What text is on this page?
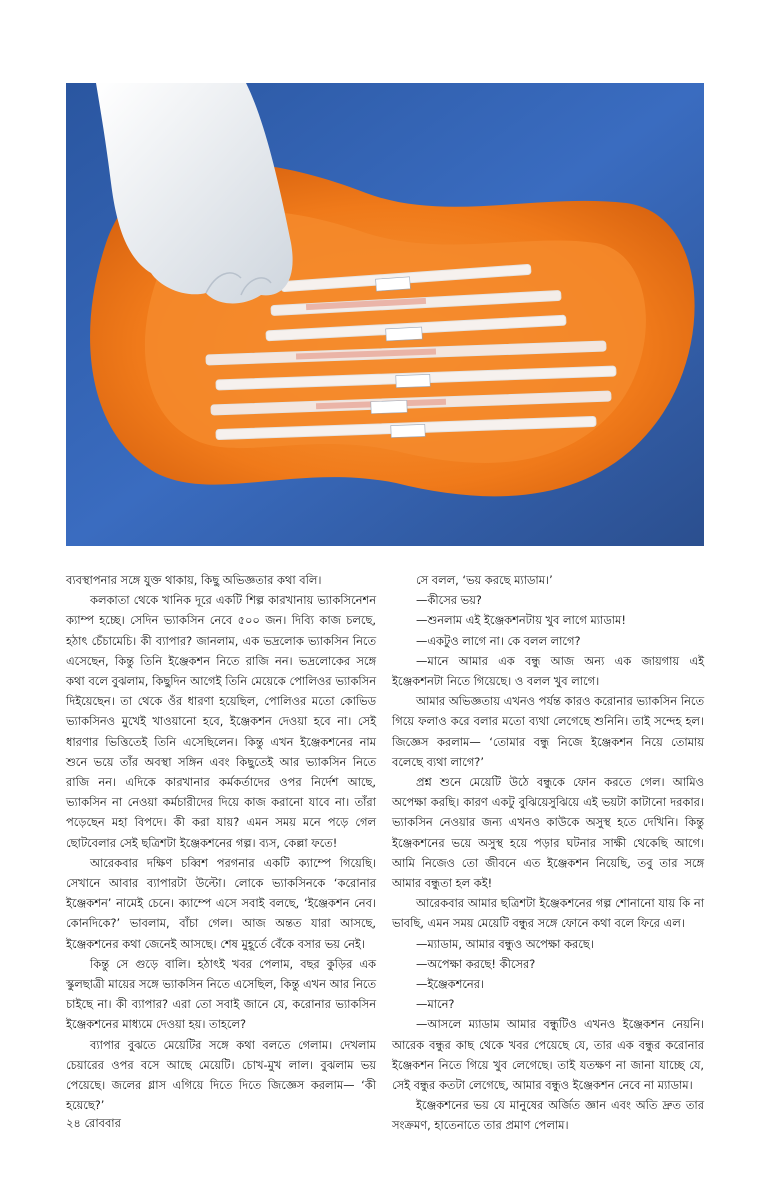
ব্যবস্থাপনার সঙ্গে যুক্ত থাকায়, কিছু অভিজ্ঞতার কথা বলি।

কলকাতা থেকে খানিক দূরে একটি শিল্প কারখানায় ভ্যাকসিনেশন ক্যাম্প হচ্ছে। সেদিন ভ্যাকসিন নেবে ৫০০ জন। দিব্যি কাজ চলছে, হঠাৎ চেঁচামেচি। কী ব্যাপার? জানলাম, এক ভদ্রলোক ভ্যাকসিন নিতে এসেছেন, কিন্তু তিনি ইঞ্জেকশন নিতে রাজি নন। ভদ্রলোকের সঙ্গে কথা বলে বুঝলাম, কিছুদিন আগেই তিনি মেয়েকে পোলিওর ভ্যাকসিন দিইয়েছেন। তা থেকে ওঁর ধারণা হয়েছিল, পোলিওর মতো কোভিড ভ্যাকসিনও মুখেই খাওয়ানো হবে, ইঞ্জেকশন দেওয়া হবে না। সেই ধারণার ভিত্তিতেই তিনি এসেছিলেন। কিন্তু এখন ইঞ্জেকশনের নাম শুনে ভয়ে তাঁর অবস্থা সঙ্গিন এবং কিছুতেই আর ভ্যাকসিন নিতে রাজি নন। এদিকে কারখানার কর্মকর্তাদের ওপর নির্দেশ আছে, ভ্যাকসিন না নেওয়া কর্মচারীদের দিয়ে কাজ করানো যাবে না। তাঁরা পড়েছেন মহা বিপদে। কী করা যায়? এমন সময় মনে পড়ে গেল ছোটবেলার সেই ছত্রিশটা ইঞ্জেকশনের গল্প। ব্যস, কেল্লা ফতে!

আরেকবার দক্ষিণ চব্বিশ পরগনার একটি ক্যাম্পে গিয়েছি। সেখানে আবার ব্যাপারটা উল্টো। লোকে ভ্যাকসিনকে ‘করোনার ইঞ্জেকশন’ নামেই চেনে। ক্যাম্পে এসে সবাই বলছে, ‘ইঞ্জেকশন নেব। কোনদিকে?’ ভাবলাম, বাঁচা গেল। আজ অন্তত যারা আসছে, ইঞ্জেকশনের কথা জেনেই আসছে। শেষ মুহূর্তে বেঁকে বসার ভয় নেই।

কিন্তু সে গুড়ে বালি। হঠাৎই খবর পেলাম, বছর কুড়ির এক স্কুলছাত্রী মায়ের সঙ্গে ভ্যাকসিন নিতে এসেছিল, কিন্তু এখন আর নিতে চাইছে না। কী ব্যাপার? এরা তো সবাই জানে যে, করোনার ভ্যাকসিন ইঞ্জেকশনের মাধ্যমে দেওয়া হয়। তাহলে?

ব্যাপার বুঝতে মেয়েটির সঙ্গে কথা বলতে গেলাম। দেখলাম চেয়ারের ওপর বসে আছে মেয়েটি। চোখ-মুখ লাল। বুঝলাম ভয় পেয়েছে। জলের গ্লাস এগিয়ে দিতে দিতে জিজ্ঞেস করলাম— ‘কী হয়েছে?’

সে বলল, ‘ভয় করছে ম্যাডাম।’

—কীসের ভয়?

—শুনলাম এই ইঞ্জেকশনটায় খুব লাগে ম্যাডাম!

—একটুও লাগে না। কে বলল লাগে?

—মানে আমার এক বন্ধু আজ অন্য এক জায়গায় এই ইঞ্জেকশনটা নিতে গিয়েছে। ও বলল খুব লাগে।

আমার অভিজ্ঞতায় এখনও পর্যন্ত কারও করোনার ভ্যাকসিন নিতে গিয়ে ফলাও করে বলার মতো ব্যথা লেগেছে শুনিনি। তাই সন্দেহ হল। জিজ্ঞেস করলাম— ‘তোমার বন্ধু নিজে ইঞ্জেকশন নিয়ে তোমায় বলেছে ব্যথা লাগে?’

প্রশ্ন শুনে মেয়েটি উঠে বন্ধুকে ফোন করতে গেল। আমিও অপেক্ষা করছি। কারণ একটু বুঝিয়েসুঝিয়ে এই ভয়টা কাটানো দরকার। ভ্যাকসিন নেওয়ার জন্য এখনও কাউকে অসুস্থ হতে দেখিনি। কিন্তু ইঞ্জেকশনের ভয়ে অসুস্থ হয়ে পড়ার ঘটনার সাক্ষী থেকেছি আগে। আমি নিজেও তো জীবনে এত ইঞ্জেকশন নিয়েছি, তবু তার সঙ্গে আমার বন্ধুতা হল কই!

আরেকবার আমার ছত্রিশটা ইঞ্জেকশনের গল্প শোনানো যায় কি না ভাবছি, এমন সময় মেয়েটি বন্ধুর সঙ্গে ফোনে কথা বলে ফিরে এল।

—ম্যাডাম, আমার বন্ধুও অপেক্ষা করছে।

—অপেক্ষা করছে! কীসের?

—ইঞ্জেকশনের।

—মানে?

—আসলে ম্যাডাম আমার বন্ধুটিও এখনও ইঞ্জেকশন নেয়নি। আরেক বন্ধুর কাছ থেকে খবর পেয়েছে যে, তার এক বন্ধুর করোনার ইঞ্জেকশন নিতে গিয়ে খুব লেগেছে। তাই যতক্ষণ না জানা যাচ্ছে যে, সেই বন্ধুর কতটা লেগেছে, আমার বন্ধুও ইঞ্জেকশন নেবে না ম্যাডাম।

ইঞ্জেকশনের ভয় যে মানুষের অর্জিত জ্ঞান এবং অতি দ্রুত তার সংক্রমণ, হাতেনাতে তার প্রমাণ পেলাম।

২৪ রোববার
